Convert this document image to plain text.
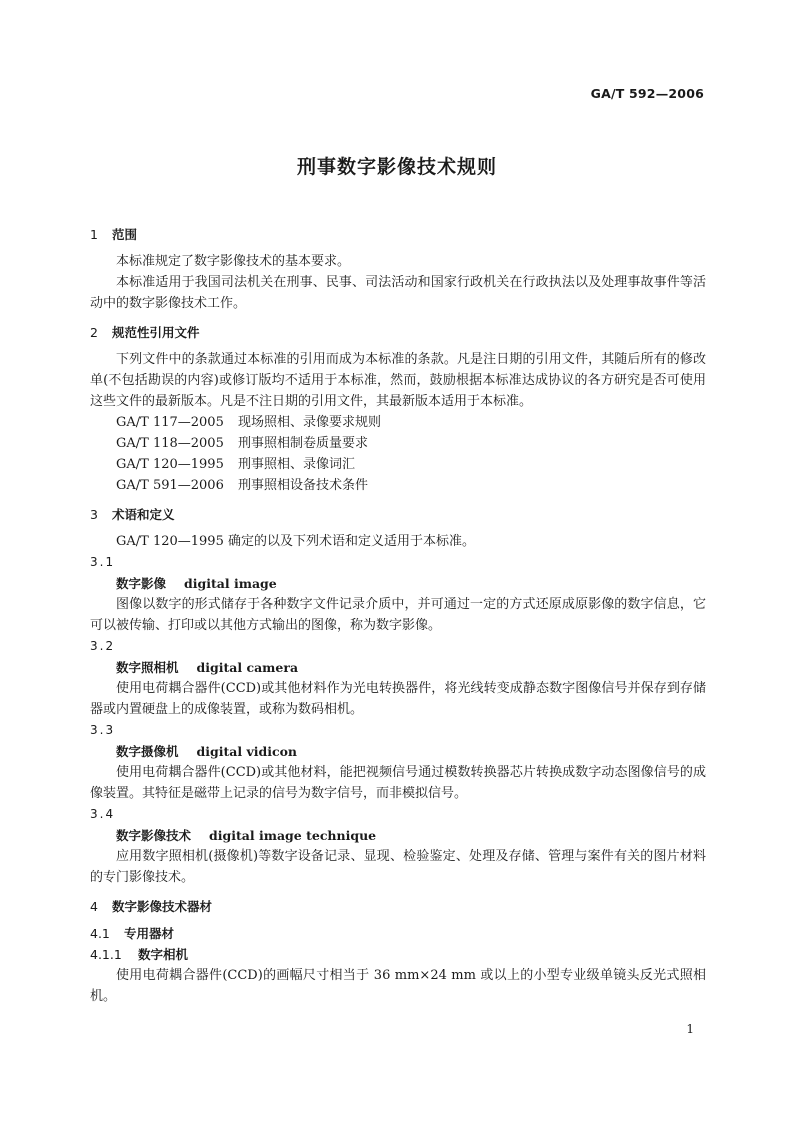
GA/T 592—2006
刑事数字影像技术规则
1 范围
本标准规定了数字影像技术的基本要求。
本标准适用于我国司法机关在刑事、民事、司法活动和国家行政机关在行政执法以及处理事故事件等活动中的数字影像技术工作。
2 规范性引用文件
下列文件中的条款通过本标准的引用而成为本标准的条款。凡是注日期的引用文件，其随后所有的修改单(不包括勘误的内容)或修订版均不适用于本标准，然而，鼓励根据本标准达成协议的各方研究是否可使用这些文件的最新版本。凡是不注日期的引用文件，其最新版本适用于本标准。
GA/T 117—2005 现场照相、录像要求规则
GA/T 118—2005 刑事照相制卷质量要求
GA/T 120—1995 刑事照相、录像词汇
GA/T 591—2006 刑事照相设备技术条件
3 术语和定义
GA/T 120—1995 确定的以及下列术语和定义适用于本标准。
3.1
数字影像 digital image
图像以数字的形式储存于各种数字文件记录介质中，并可通过一定的方式还原成原影像的数字信息，它可以被传输、打印或以其他方式输出的图像，称为数字影像。
3.2
数字照相机 digital camera
使用电荷耦合器件(CCD)或其他材料作为光电转换器件，将光线转变成静态数字图像信号并保存到存储器或内置硬盘上的成像装置，或称为数码相机。
3.3
数字摄像机 digital vidicon
使用电荷耦合器件(CCD)或其他材料，能把视频信号通过模数转换器芯片转换成数字动态图像信号的成像装置。其特征是磁带上记录的信号为数字信号，而非模拟信号。
3.4
数字影像技术 digital image technique
应用数字照相机(摄像机)等数字设备记录、显现、检验鉴定、处理及存储、管理与案件有关的图片材料的专门影像技术。
4 数字影像技术器材
4.1 专用器材
4.1.1 数字相机
使用电荷耦合器件(CCD)的画幅尺寸相当于 36 mm×24 mm 或以上的小型专业级单镜头反光式照相机。
1
